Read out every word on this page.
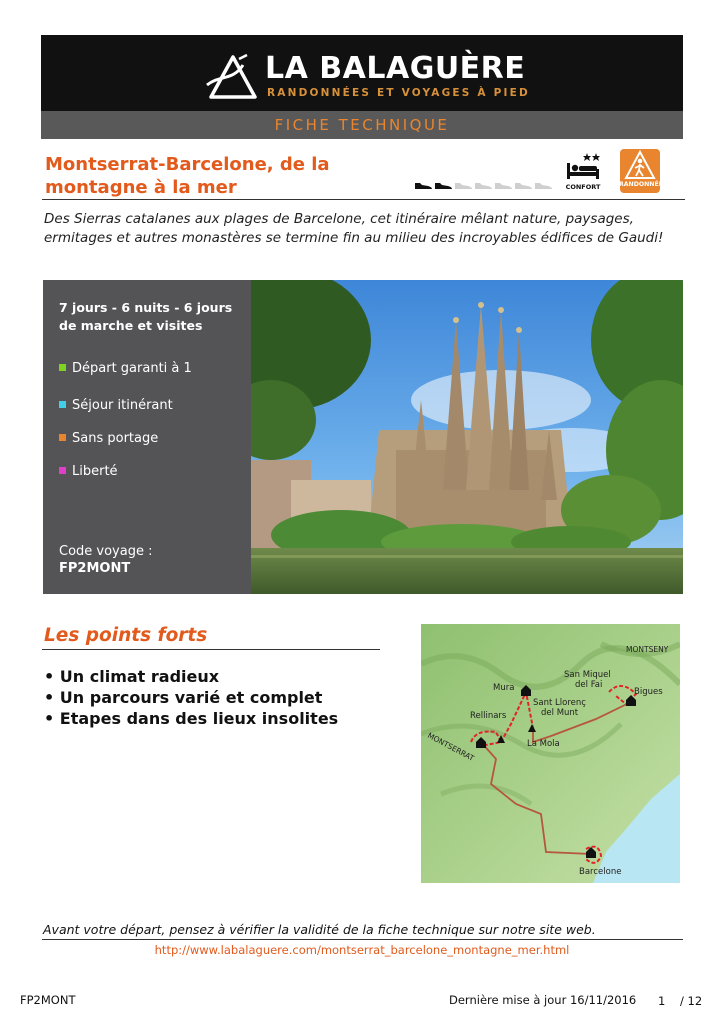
LA BALAGUÈRE
RANDONNÉES ET VOYAGES À PIED
FICHE TECHNIQUE
Montserrat-Barcelone, de la
montagne à la mer	CONFORT	RANDONNÉE
Des Sierras catalanes aux plages de Barcelone, cet itinéraire mêlant nature, paysages, ermitages et autres monastères se termine fin au milieu des incroyables édifices de Gaudi!
7 jours - 6 nuits - 6 jours de marche et visites
Départ garanti à 1
Séjour itinérant
Sans portage
Liberté
Code voyage :
FP2MONT
Les points forts
• Un climat radieux
• Un parcours varié et complet
• Etapes dans des lieux insolites
MONTSENY
San Miquel
del Fai
Bigues
Mura
Sant Llorenç
del Munt
Rellinars
La Mola
MONTSERRAT
Barcelone
Avant votre départ, pensez à vérifier la validité de la fiche technique sur notre site web.
http://www.labalaguere.com/montserrat_barcelone_montagne_mer.html
FP2MONT	Dernière mise à jour 16/11/2016 1 / 12
